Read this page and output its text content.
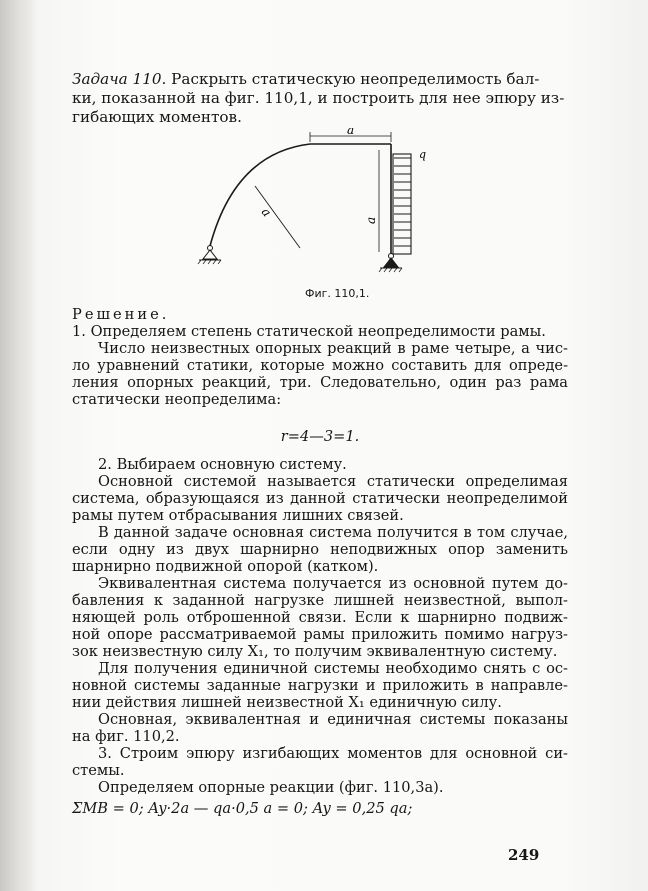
Задача 110. Раскрыть статическую неопределимость бал-
ки, показанной на фиг. 110,1, и построить для нее эпюру из-
гибающих моментов.
a
a
a
q
Фиг. 110,1.
Решение.
1. Определяем степень статической неопределимости рамы.
Число неизвестных опорных реакций в раме четыре, а чис-
ло уравнений статики, которые можно составить для опреде-
ления опорных реакций, три. Следовательно, один раз рама
статически неопределима:
r=4—3=1.
2. Выбираем основную систему.
Основной системой называется статически определимая
система, образующаяся из данной статически неопределимой
рамы путем отбрасывания лишних связей.
В данной задаче основная система получится в том случае,
если одну из двух шарнирно неподвижных опор заменить
шарнирно подвижной опорой (катком).
Эквивалентная система получается из основной путем до-
бавления к заданной нагрузке лишней неизвестной, выпол-
няющей роль отброшенной связи. Если к шарнирно подвиж-
ной опоре рассматриваемой рамы приложить помимо нагруз-
зок неизвестную силу X₁, то получим эквивалентную систему.
Для получения единичной системы необходимо снять с ос-
новной системы заданные нагрузки и приложить в направле-
нии действия лишней неизвестной X₁ единичную силу.
Основная, эквивалентная и единичная системы показаны
на фиг. 110,2.
3. Строим эпюру изгибающих моментов для основной си-
стемы.
Определяем опорные реакции (фиг. 110,3а).
ΣMB = 0; Ay·2a — qa·0,5 a = 0; Ay = 0,25 qa;
249
